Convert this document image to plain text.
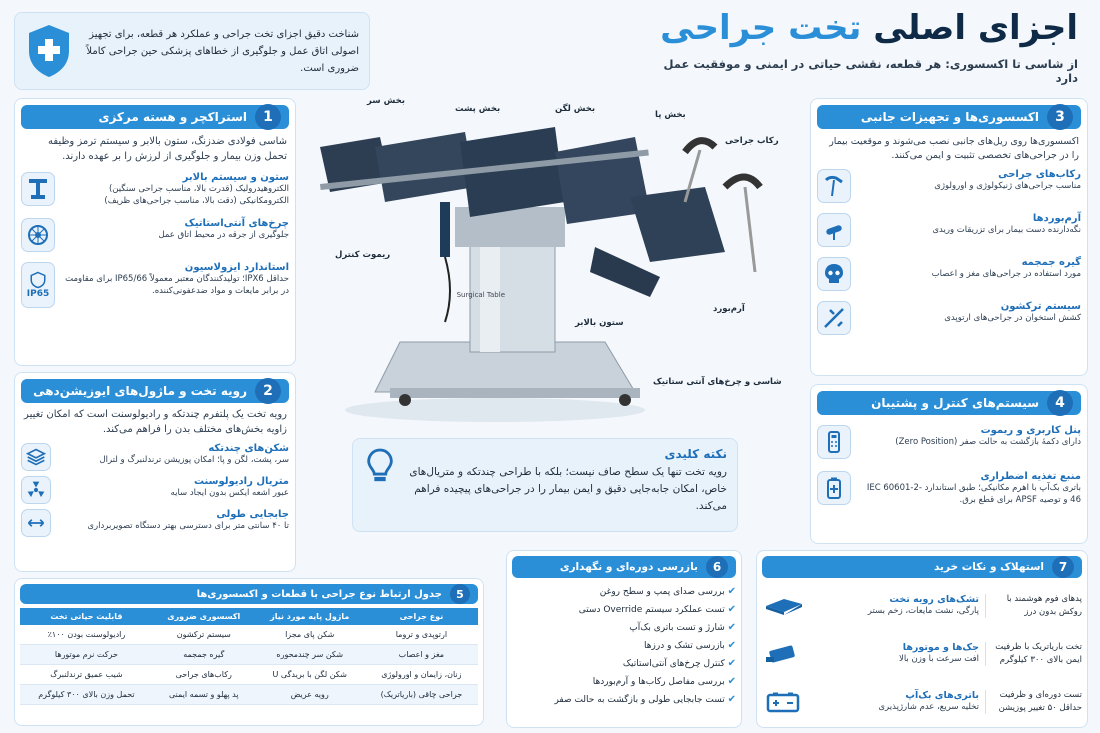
اجزای اصلی تخت جراحی
از شاسی تا اکسسوری: هر قطعه، نقشی حیاتی در ایمنی و موفقیت عمل دارد
شناخت دقیق اجزای تخت جراحی و عملکرد هر قطعه، برای تجهیز اصولی اتاق عمل و جلوگیری از خطاهای پزشکی حین جراحی کاملاً ضروری است.
1
استراکچر و هسته مرکزی
شاسی فولادی ضدزنگ، ستون بالابر و سیستم ترمز وظیفه تحمل وزن بیمار و جلوگیری از لرزش را بر عهده دارند.
ستون و سیستم بالابر
الکتروهیدرولیک (قدرت بالا، مناسب جراحی سنگین) الکترومکانیکی (دقت بالا، مناسب جراحی‌های ظریف)
چرخ‌های آنتی‌استاتیک
جلوگیری از جرقه در محیط اتاق عمل
استاندارد ایزولاسیون
حداقل IPX6؛ تولیدکنندگان معتبر معمولاً IP65/66 برای مقاومت در برابر مایعات و مواد ضدعفونی‌کننده.
IP65
2
رویه تخت و ماژول‌های ایوزیشن‌دهی
رویه تخت یک پلتفرم چندتکه و رادیولوسنت است که امکان تغییر زاویه بخش‌های مختلف بدن را فراهم می‌کند.
شکن‌های چندتکه
سر، پشت، لگن و پا؛ امکان پوزیشن ترندلنبرگ و لترال
متریال رادیولوسنت
عبور اشعه ایکس بدون ایجاد سایه
جابجایی طولی
تا ۴۰ سانتی متر برای دسترسی بهتر دستگاه تصویربرداری
5
جدول ارتباط نوع جراحی با قطعات و اکسسوری‌ها
نوع جراحی	ماژول پایه مورد نیاز	اکسسوری ضروری	قابلیت حیاتی تخت
ارتوپدی و تروما	شکن پای مجزا	سیستم ترکشون	رادیولوسنت بودن ۱۰۰٪
مغز و اعصاب	شکن سر چندمحوره	گیره جمجمه	حرکت نرم موتورها
زنان، زایمان و اورولوژی	شکن لگن با بریدگی U	رکاب‌های جراحی	شیب عمیق ترندلنبرگ
جراحی چاقی (باریاتریک)	رویه عریض	پد پهلو و تسمه ایمنی	تحمل وزن بالای ۳۰۰ کیلوگرم
Surgical Table
بخش سر
بخش پشت	بخش لگن
بخش پا
رکاب جراحی
ریموت کنترل
آرم‌بورد
ستون بالابر
شاسی و چرخ‌های آنتی ستاتیک
نکته کلیدی
رویه تخت تنها یک سطح صاف نیست؛ بلکه با طراحی چندتکه و متریال‌های خاص، امکان جابه‌جایی دقیق و ایمن بیمار را در جراحی‌های پیچیده فراهم می‌کند.
6
بازرسی دوره‌ای و نگهداری
✔ بررسی صدای پمپ و سطح روغن
✔ تست عملکرد سیستم Override دستی
✔ شارژ و تست باتری بک‌آپ
✔ بازرسی تشک و درزها
✔ کنترل چرخ‌های آنتی‌استاتیک
✔ بررسی مفاصل رکاب‌ها و آرم‌بوردها
✔ تست جابجایی طولی و بازگشت به حالت صفر
3
اکسسوری‌ها و تجهیزات جانبی
اکسسوری‌ها روی ریل‌های جانبی نصب می‌شوند و موقعیت بیمار را در جراحی‌های تخصصی تثبیت و ایمن می‌کنند.
رکاب‌های جراحی
مناسب جراحی‌های ژنیکولوژی و اورولوژی
آرم‌بوردها
نگه‌دارنده دست بیمار برای تزریقات وریدی
گیره جمجمه
مورد استفاده در جراحی‌های مغز و اعصاب
سیستم ترکشون
کشش استخوان در جراحی‌های ارتوپدی
4
سیستم‌های کنترل و پشتیبان
پنل کاربری و ریموت
دارای دکمهٔ بازگشت به حالت صفر (Zero Position)
منبع تغذیه اضطراری
باتری بک‌آپ با اهرم مکانیکی؛ طبق استاندارد IEC 60601-2-46 و توصیه APSF برای قطع برق.
7
استهلاک و نکات خرید
پدهای فوم هوشمند با روکش بدون درز
تشک‌های رویه تخت
پارگی، نشت مایعات، زخم بستر
تخت باریاتریک با ظرفیت ایمن بالای ۳۰۰ کیلوگرم
جک‌ها و موتورها
افت سرعت با وزن بالا
تست دوره‌ای و ظرفیت حداقل ۵۰ تغییر پوزیشن
باتری‌های بک‌آپ
تخلیه سریع، عدم شارژپذیری
